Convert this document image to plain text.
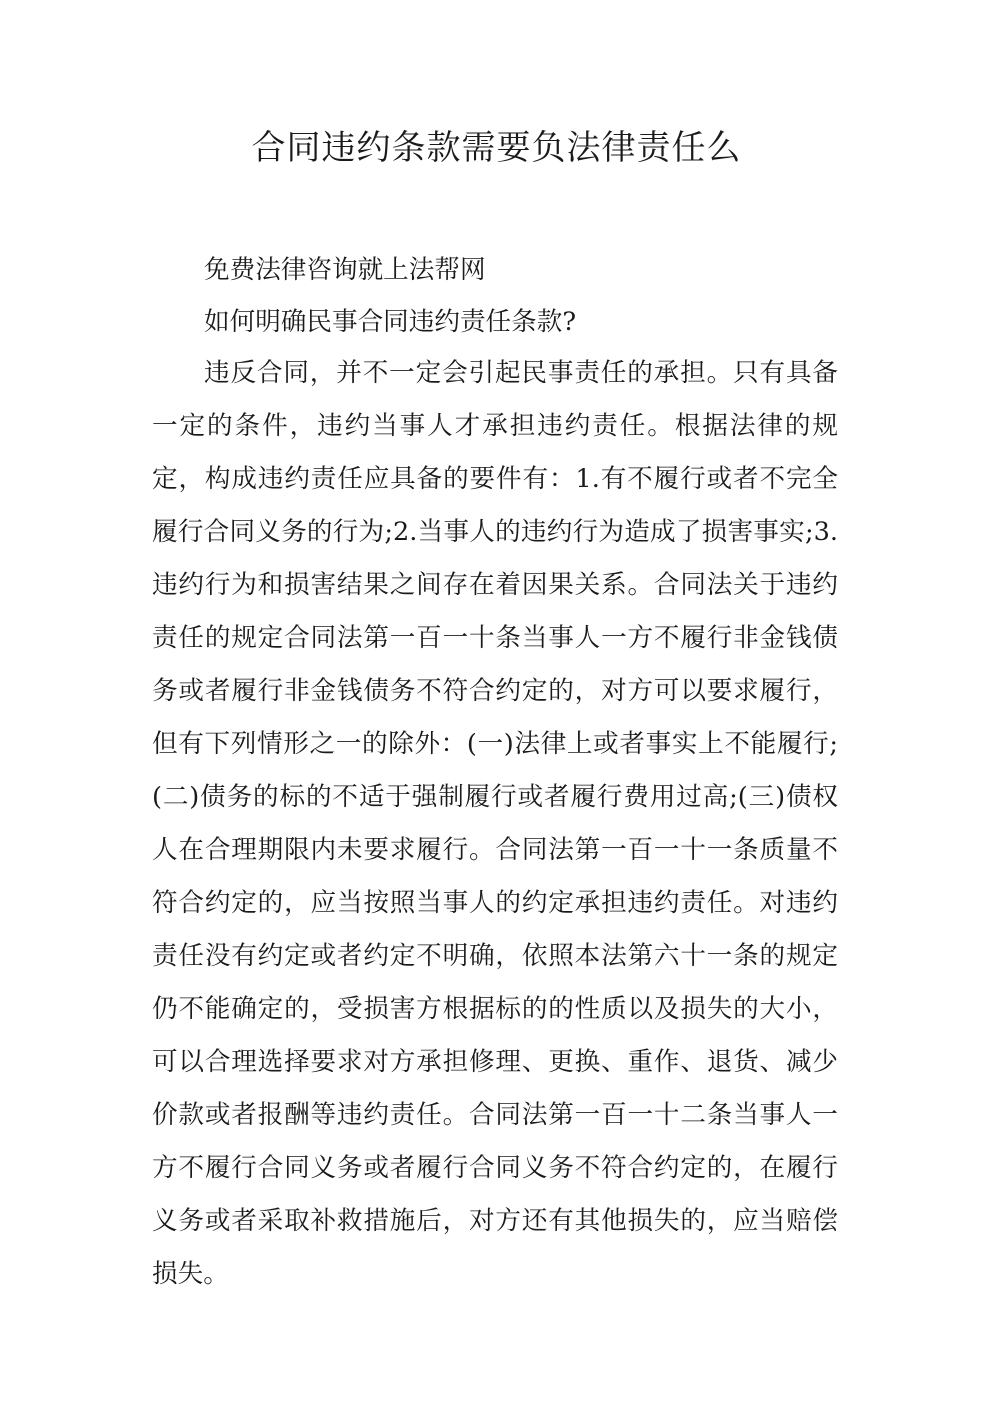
合同违约条款需要负法律责任么

免费法律咨询就上法帮网

如何明确民事合同违约责任条款?

违反合同，并不一定会引起民事责任的承担。只有具备一定的条件，违约当事人才承担违约责任。根据法律的规定，构成违约责任应具备的要件有：1.有不履行或者不完全履行合同义务的行为;2.当事人的违约行为造成了损害事实;3.违约行为和损害结果之间存在着因果关系。合同法关于违约责任的规定合同法第一百一十条当事人一方不履行非金钱债务或者履行非金钱债务不符合约定的，对方可以要求履行，但有下列情形之一的除外：(一)法律上或者事实上不能履行;(二)债务的标的不适于强制履行或者履行费用过高;(三)债权人在合理期限内未要求履行。合同法第一百一十一条质量不符合约定的，应当按照当事人的约定承担违约责任。对违约责任没有约定或者约定不明确，依照本法第六十一条的规定仍不能确定的，受损害方根据标的的性质以及损失的大小，可以合理选择要求对方承担修理、更换、重作、退货、减少价款或者报酬等违约责任。合同法第一百一十二条当事人一方不履行合同义务或者履行合同义务不符合约定的，在履行义务或者采取补救措施后，对方还有其他损失的，应当赔偿损失。
